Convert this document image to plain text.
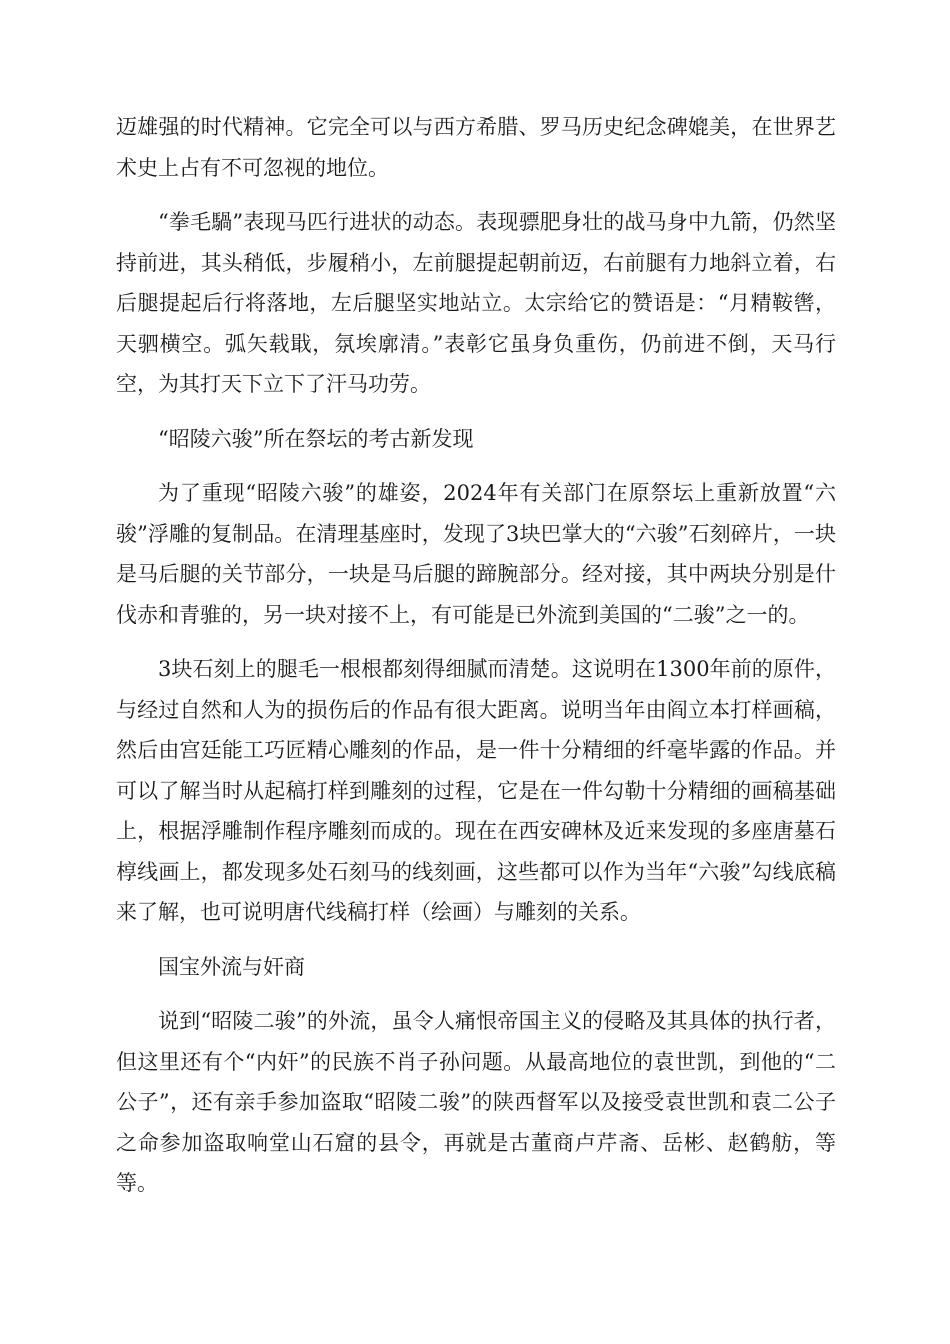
迈雄强的时代精神。它完全可以与西方希腊、罗马历史纪念碑媲美，在世界艺术史上占有不可忽视的地位。

“拳毛騧”表现马匹行进状的动态。表现骠肥身壮的战马身中九箭，仍然坚持前进，其头稍低，步履稍小，左前腿提起朝前迈，右前腿有力地斜立着，右后腿提起后行将落地，左后腿坚实地站立。太宗给它的赞语是：“月精鞍辔，天驷横空。弧矢载戢，氛埃廓清。”表彰它虽身负重伤，仍前进不倒，天马行空，为其打天下立下了汗马功劳。

“昭陵六骏”所在祭坛的考古新发现

为了重现“昭陵六骏”的雄姿，2024年有关部门在原祭坛上重新放置“六骏”浮雕的复制品。在清理基座时，发现了3块巴掌大的“六骏”石刻碎片，一块是马后腿的关节部分，一块是马后腿的蹄腕部分。经对接，其中两块分别是什伐赤和青骓的，另一块对接不上，有可能是已外流到美国的“二骏”之一的。

3块石刻上的腿毛一根根都刻得细腻而清楚。这说明在1300年前的原件，与经过自然和人为的损伤后的作品有很大距离。说明当年由阎立本打样画稿，然后由宫廷能工巧匠精心雕刻的作品，是一件十分精细的纤毫毕露的作品。并可以了解当时从起稿打样到雕刻的过程，它是在一件勾勒十分精细的画稿基础上，根据浮雕制作程序雕刻而成的。现在在西安碑林及近来发现的多座唐墓石椁线画上，都发现多处石刻马的线刻画，这些都可以作为当年“六骏”勾线底稿来了解，也可说明唐代线稿打样（绘画）与雕刻的关系。

国宝外流与奸商

说到“昭陵二骏”的外流，虽令人痛恨帝国主义的侵略及其具体的执行者，但这里还有个“内奸”的民族不肖子孙问题。从最高地位的袁世凯，到他的“二公子”，还有亲手参加盗取“昭陵二骏”的陕西督军以及接受袁世凯和袁二公子之命参加盗取响堂山石窟的县令，再就是古董商卢芹斋、岳彬、赵鹤舫，等等。
